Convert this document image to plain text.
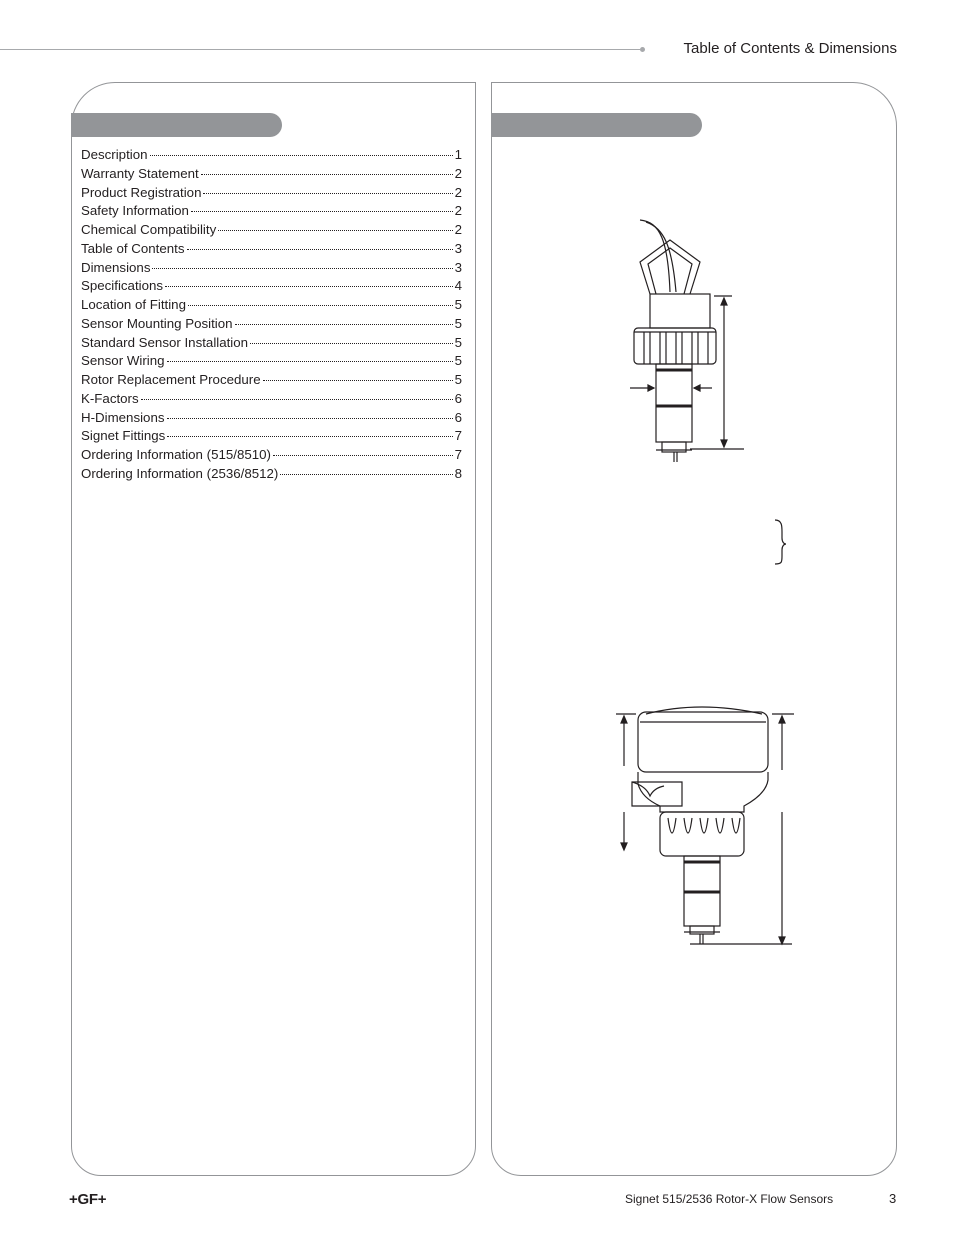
Table of Contents & Dimensions
Description	1
Warranty Statement	2
Product Registration	2
Safety Information	2
Chemical Compatibility	2
Table of Contents	3
Dimensions	3
Specifications	4
Location of Fitting	5
Sensor Mounting Position	5
Standard Sensor Installation	5
Sensor Wiring	5
Rotor Replacement Procedure	5
K-Factors	6
H-Dimensions	6
Signet Fittings	7
Ordering Information (515/8510)	7
Ordering Information (2536/8512)	8
+GF+	Signet 515/2536 Rotor-X Flow Sensors	3
